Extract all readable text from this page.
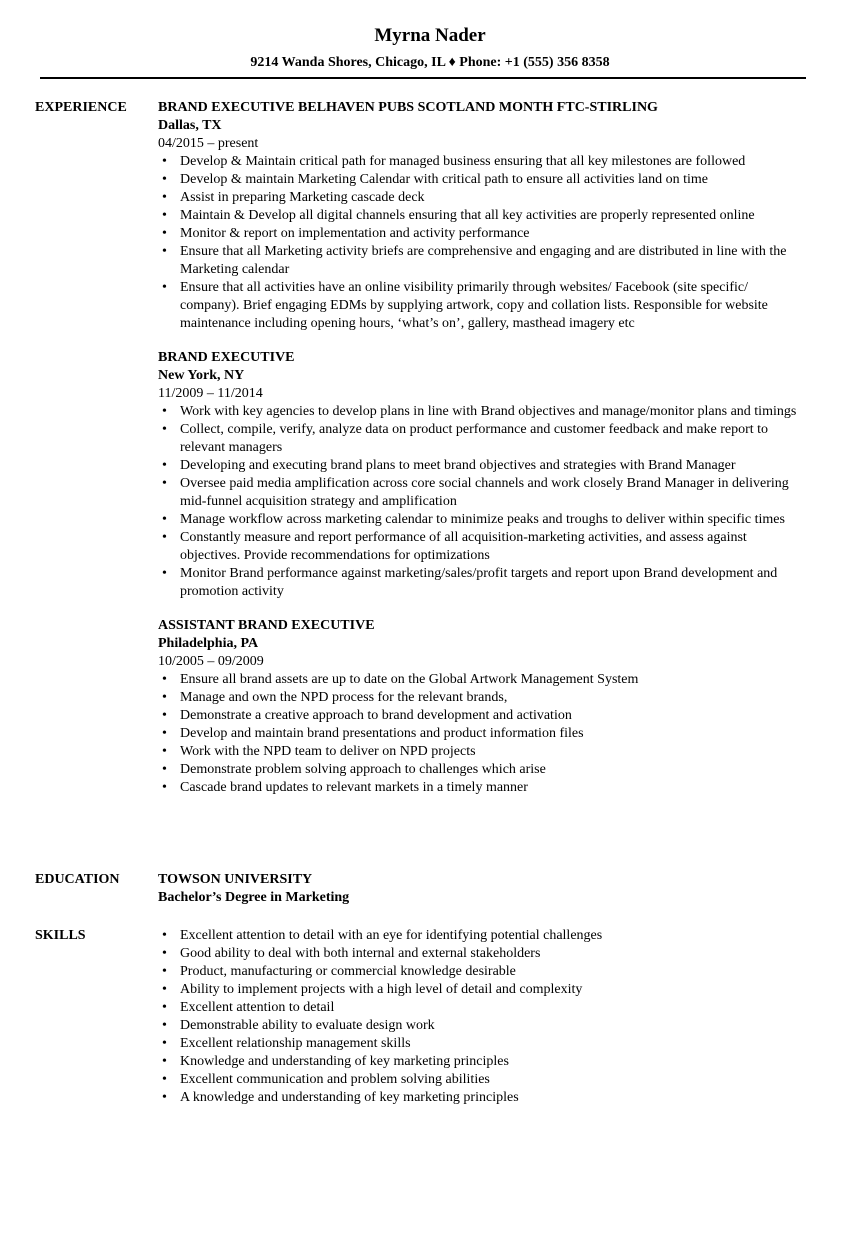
Myrna Nader
9214 Wanda Shores, Chicago, IL ♦ Phone: +1 (555) 356 8358
EXPERIENCE BRAND EXECUTIVE BELHAVEN PUBS SCOTLAND MONTH FTC-STIRLING
Dallas, TX
04/2015 – present
• Develop & Maintain critical path for managed business ensuring that all key milestones are followed
• Develop & maintain Marketing Calendar with critical path to ensure all activities land on time
• Assist in preparing Marketing cascade deck
• Maintain & Develop all digital channels ensuring that all key activities are properly represented online
• Monitor & report on implementation and activity performance
• Ensure that all Marketing activity briefs are comprehensive and engaging and are distributed in line with the Marketing calendar
• Ensure that all activities have an online visibility primarily through websites/ Facebook (site specific/ company). Brief engaging EDMs by supplying artwork, copy and collation lists. Responsible for website maintenance including opening hours, ‘what’s on’, gallery, masthead imagery etc
BRAND EXECUTIVE
New York, NY
11/2009 – 11/2014
• Work with key agencies to develop plans in line with Brand objectives and manage/monitor plans and timings
• Collect, compile, verify, analyze data on product performance and customer feedback and make report to relevant managers
• Developing and executing brand plans to meet brand objectives and strategies with Brand Manager
• Oversee paid media amplification across core social channels and work closely Brand Manager in delivering mid-funnel acquisition strategy and amplification
• Manage workflow across marketing calendar to minimize peaks and troughs to deliver within specific times
• Constantly measure and report performance of all acquisition-marketing activities, and assess against objectives. Provide recommendations for optimizations
• Monitor Brand performance against marketing/sales/profit targets and report upon Brand development and promotion activity
ASSISTANT BRAND EXECUTIVE
Philadelphia, PA
10/2005 – 09/2009
• Ensure all brand assets are up to date on the Global Artwork Management System
• Manage and own the NPD process for the relevant brands,
• Demonstrate a creative approach to brand development and activation
• Develop and maintain brand presentations and product information files
• Work with the NPD team to deliver on NPD projects
• Demonstrate problem solving approach to challenges which arise
• Cascade brand updates to relevant markets in a timely manner
EDUCATION	TOWSON UNIVERSITY
Bachelor’s Degree in Marketing
SKILLS
•	Excellent attention to detail with an eye for identifying potential challenges
• Good ability to deal with both internal and external stakeholders
• Product, manufacturing or commercial knowledge desirable
• Ability to implement projects with a high level of detail and complexity
• Excellent attention to detail
• Demonstrable ability to evaluate design work
• Excellent relationship management skills
• Knowledge and understanding of key marketing principles
• Excellent communication and problem solving abilities
• A knowledge and understanding of key marketing principles
